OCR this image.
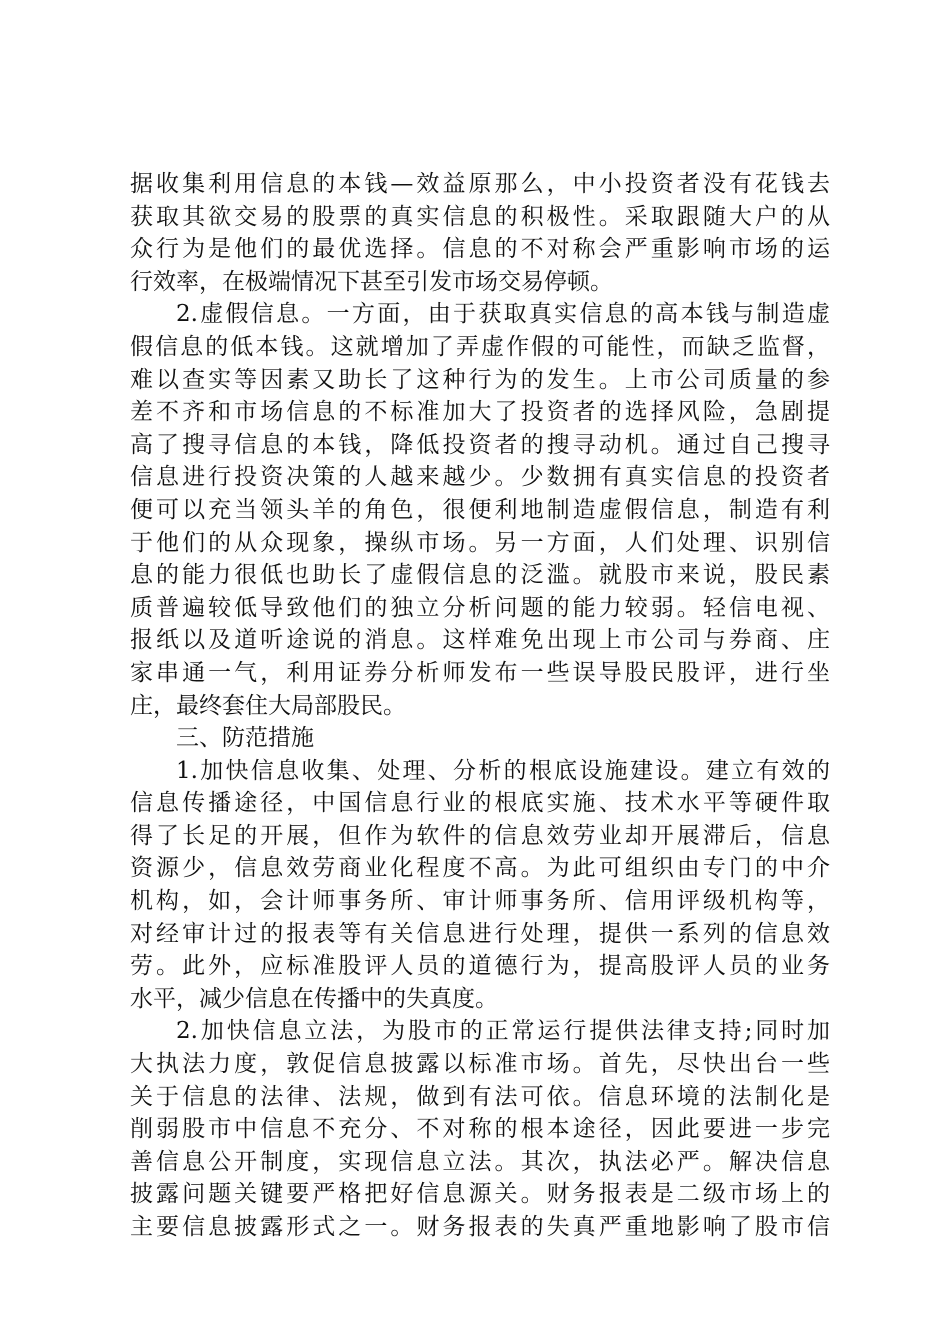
据收集利用信息的本钱—效益原那么，中小投资者没有花钱去
获取其欲交易的股票的真实信息的积极性。采取跟随大户的从
众行为是他们的最优选择。信息的不对称会严重影响市场的运
行效率，在极端情况下甚至引发市场交易停顿。
2.虚假信息。一方面，由于获取真实信息的高本钱与制造虚
假信息的低本钱。这就增加了弄虚作假的可能性，而缺乏监督，
难以查实等因素又助长了这种行为的发生。上市公司质量的参
差不齐和市场信息的不标准加大了投资者的选择风险，急剧提
高了搜寻信息的本钱，降低投资者的搜寻动机。通过自己搜寻
信息进行投资决策的人越来越少。少数拥有真实信息的投资者
便可以充当领头羊的角色，很便利地制造虚假信息，制造有利
于他们的从众现象，操纵市场。另一方面，人们处理、识别信
息的能力很低也助长了虚假信息的泛滥。就股市来说，股民素
质普遍较低导致他们的独立分析问题的能力较弱。轻信电视、
报纸以及道听途说的消息。这样难免出现上市公司与券商、庄
家串通一气，利用证券分析师发布一些误导股民股评，进行坐
庄，最终套住大局部股民。
三、防范措施
1.加快信息收集、处理、分析的根底设施建设。建立有效的
信息传播途径，中国信息行业的根底实施、技术水平等硬件取
得了长足的开展，但作为软件的信息效劳业却开展滞后，信息
资源少，信息效劳商业化程度不高。为此可组织由专门的中介
机构，如，会计师事务所、审计师事务所、信用评级机构等，
对经审计过的报表等有关信息进行处理，提供一系列的信息效
劳。此外，应标准股评人员的道德行为，提高股评人员的业务
水平，减少信息在传播中的失真度。
2.加快信息立法，为股市的正常运行提供法律支持;同时加
大执法力度，敦促信息披露以标准市场。首先，尽快出台一些
关于信息的法律、法规，做到有法可依。信息环境的法制化是
削弱股市中信息不充分、不对称的根本途径，因此要进一步完
善信息公开制度，实现信息立法。其次，执法必严。解决信息
披露问题关键要严格把好信息源关。财务报表是二级市场上的
主要信息披露形式之一。财务报表的失真严重地影响了股市信
